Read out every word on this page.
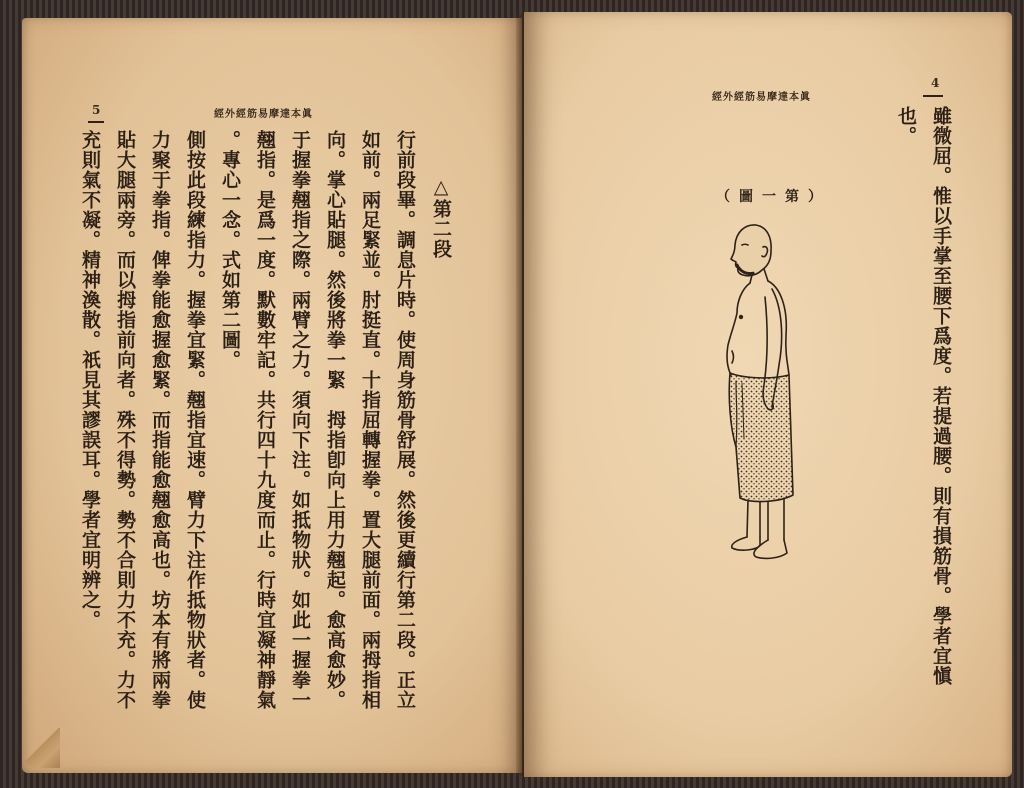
5	眞本達摩易筋經外經
△第二段
行前段畢。調息片時。使周身筋骨舒展。然後更續行第二段。正立
如前。兩足緊並。肘挺直。十指屈轉握拳。置大腿前面。兩拇指相
向。掌心貼腿。然後將拳一緊　拇指卽向上用力翹起。愈高愈妙。
于握拳翹指之際。兩臂之力。須向下注。如抵物狀。如此一握拳一
翹指。是爲一度。默數牢記。共行四十九度而止。行時宜凝神靜氣
。專心一念。式如第二圖。
側按此段練指力。握拳宜緊。翹指宜速。臂力下注作抵物狀者。使
力聚于拳指。俾拳能愈握愈緊。而指能愈翹愈高也。坊本有將兩拳
貼大腿兩旁。而以拇指前向者。殊不得勢。勢不合則力不充。力不
充則氣不凝。精神渙散。祇見其謬誤耳。學者宜明辨之。
眞本達摩易筋經外經
4
雖微屈。惟以手掌至腰下爲度。若提過腰。則有損筋骨。學者宜愼
也。
（第一圖）
